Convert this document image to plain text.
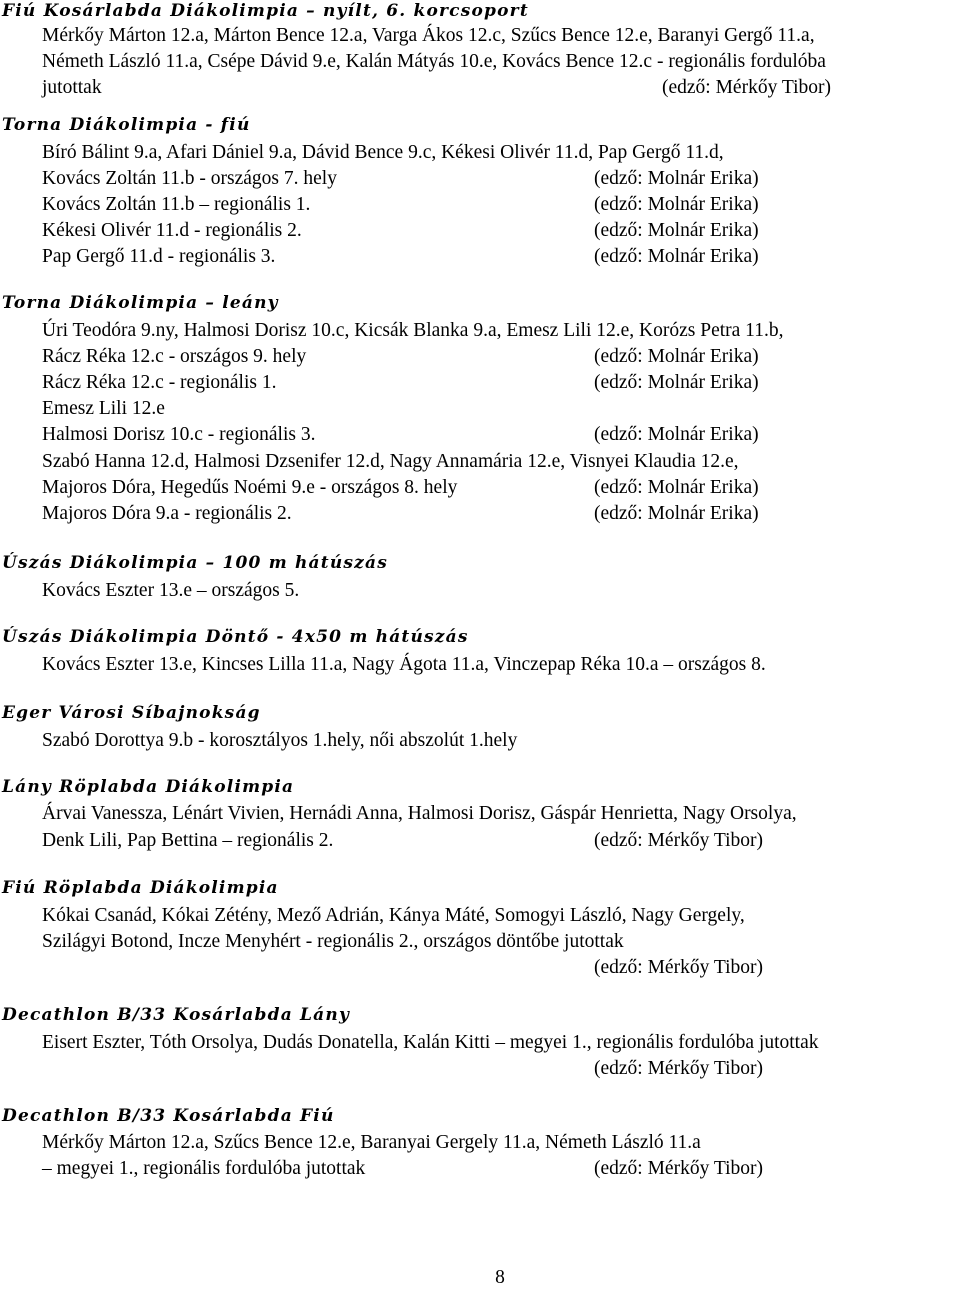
Fiú Kosárlabda Diákolimpia – nyílt, 6. korcsoport

Mérkőy Márton 12.a, Márton Bence 12.a, Varga Ákos 12.c, Szűcs Bence 12.e, Baranyi Gergő 11.a,

Németh László 11.a, Csépe Dávid 9.e, Kalán Mátyás 10.e, Kovács Bence 12.c - regionális fordulóba

jutottak	(edző: Mérkőy Tibor)

Torna Diákolimpia - fiú

Bíró Bálint 9.a, Afari Dániel 9.a, Dávid Bence 9.c, Kékesi Olivér 11.d, Pap Gergő 11.d,

Kovács Zoltán 11.b - országos 7. hely	(edző: Molnár Erika)

Kovács Zoltán 11.b – regionális 1.	(edző: Molnár Erika)

Kékesi Olivér 11.d - regionális 2.	(edző: Molnár Erika)

Pap Gergő 11.d - regionális 3.	(edző: Molnár Erika)

Torna Diákolimpia – leány

Úri Teodóra 9.ny, Halmosi Dorisz 10.c, Kicsák Blanka 9.a, Emesz Lili 12.e, Korózs Petra 11.b,

Rácz Réka 12.c - országos 9. hely	(edző: Molnár Erika)

Rácz Réka 12.c - regionális 1.	(edző: Molnár Erika)

Emesz Lili 12.e

Halmosi Dorisz 10.c - regionális 3.	(edző: Molnár Erika)

Szabó Hanna 12.d, Halmosi Dzsenifer 12.d, Nagy Annamária 12.e, Visnyei Klaudia 12.e,

Majoros Dóra, Hegedűs Noémi 9.e - országos 8. hely	(edző: Molnár Erika)

Majoros Dóra 9.a - regionális 2.	(edző: Molnár Erika)

Úszás Diákolimpia – 100 m hátúszás

Kovács Eszter 13.e – országos 5.

Úszás Diákolimpia Döntő - 4x50 m hátúszás

Kovács Eszter 13.e, Kincses Lilla 11.a, Nagy Ágota 11.a, Vinczepap Réka 10.a – országos 8.

Eger Városi Síbajnokság

Szabó Dorottya 9.b - korosztályos 1.hely, női abszolút 1.hely

Lány Röplabda Diákolimpia

Árvai Vanessza, Lénárt Vivien, Hernádi Anna, Halmosi Dorisz, Gáspár Henrietta, Nagy Orsolya,

Denk Lili, Pap Bettina – regionális 2.	(edző: Mérkőy Tibor)

Fiú Röplabda Diákolimpia

Kókai Csanád, Kókai Zétény, Mező Adrián, Kánya Máté, Somogyi László, Nagy Gergely,

Szilágyi Botond, Incze Menyhért - regionális 2., országos döntőbe jutottak

(edző: Mérkőy Tibor)

Decathlon B/33 Kosárlabda Lány

Eisert Eszter, Tóth Orsolya, Dudás Donatella, Kalán Kitti – megyei 1., regionális fordulóba jutottak

(edző: Mérkőy Tibor)

Decathlon B/33 Kosárlabda Fiú

Mérkőy Márton 12.a, Szűcs Bence 12.e, Baranyai Gergely 11.a, Németh László 11.a

– megyei 1., regionális fordulóba jutottak	(edző: Mérkőy Tibor)

8
